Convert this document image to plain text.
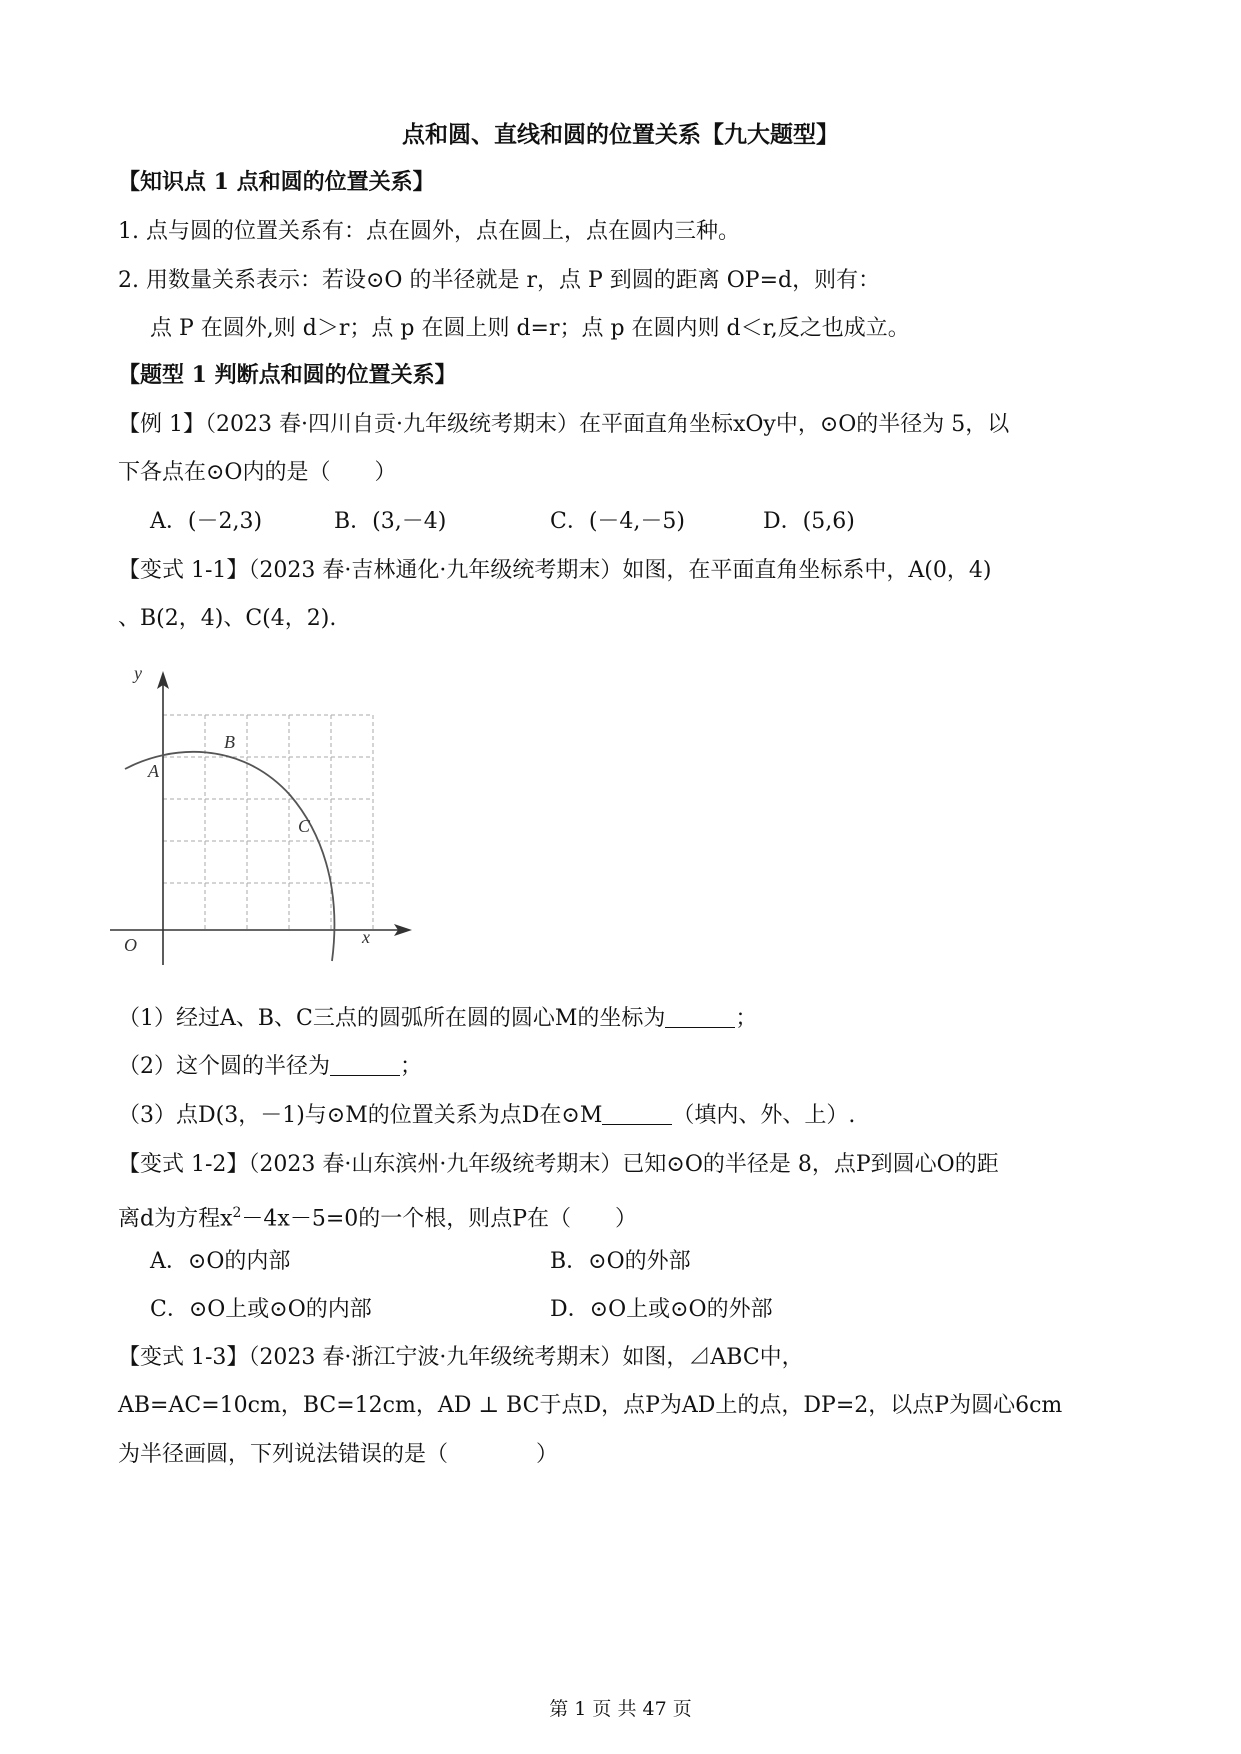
点和圆、直线和圆的位置关系【九大题型】
【知识点 1 点和圆的位置关系】
1. 点与圆的位置关系有：点在圆外，点在圆上，点在圆内三种。
2. 用数量关系表示：若设⊙O 的半径就是 r，点 P 到圆的距离 OP=d，则有：
点 P 在圆外,则 d＞r；点 p 在圆上则 d=r；点 p 在圆内则 d＜r,反之也成立。
【题型 1 判断点和圆的位置关系】
【例 1】（2023 春·四川自贡·九年级统考期末）在平面直角坐标xOy中，⊙O的半径为 5，以
下各点在⊙O内的是（　　）
A．(－2,3)	B．(3,－4)	C．(－4,－5)	D．(5,6)
【变式 1-1】（2023 春·吉林通化·九年级统考期末）如图，在平面直角坐标系中，A(0，4)
、B(2，4)、C(4，2).
y
x
O
A
B
C
（1）经过A、B、C三点的圆弧所在圆的圆心M的坐标为	；
（2）这个圆的半径为	；
（3）点D(3，－1)与⊙M的位置关系为点D在⊙M	（填内、外、上）.
【变式 1-2】（2023 春·山东滨州·九年级统考期末）已知⊙O的半径是 8，点P到圆心O的距
离d为方程$x^2-4x-5=0$的一个根，则点P在（　　）
A．⊙O的内部	B．⊙O的外部
C．⊙O上或⊙O的内部	D．⊙O上或⊙O的外部
【变式 1-3】（2023 春·浙江宁波·九年级统考期末）如图，⊿ABC中，
AB=AC=10cm，BC=12cm，AD ⊥ BC于点D，点P为AD上的点，DP=2，以点P为圆心6cm
为半径画圆，下列说法错误的是（　　　　）
第 1 页 共 47 页
